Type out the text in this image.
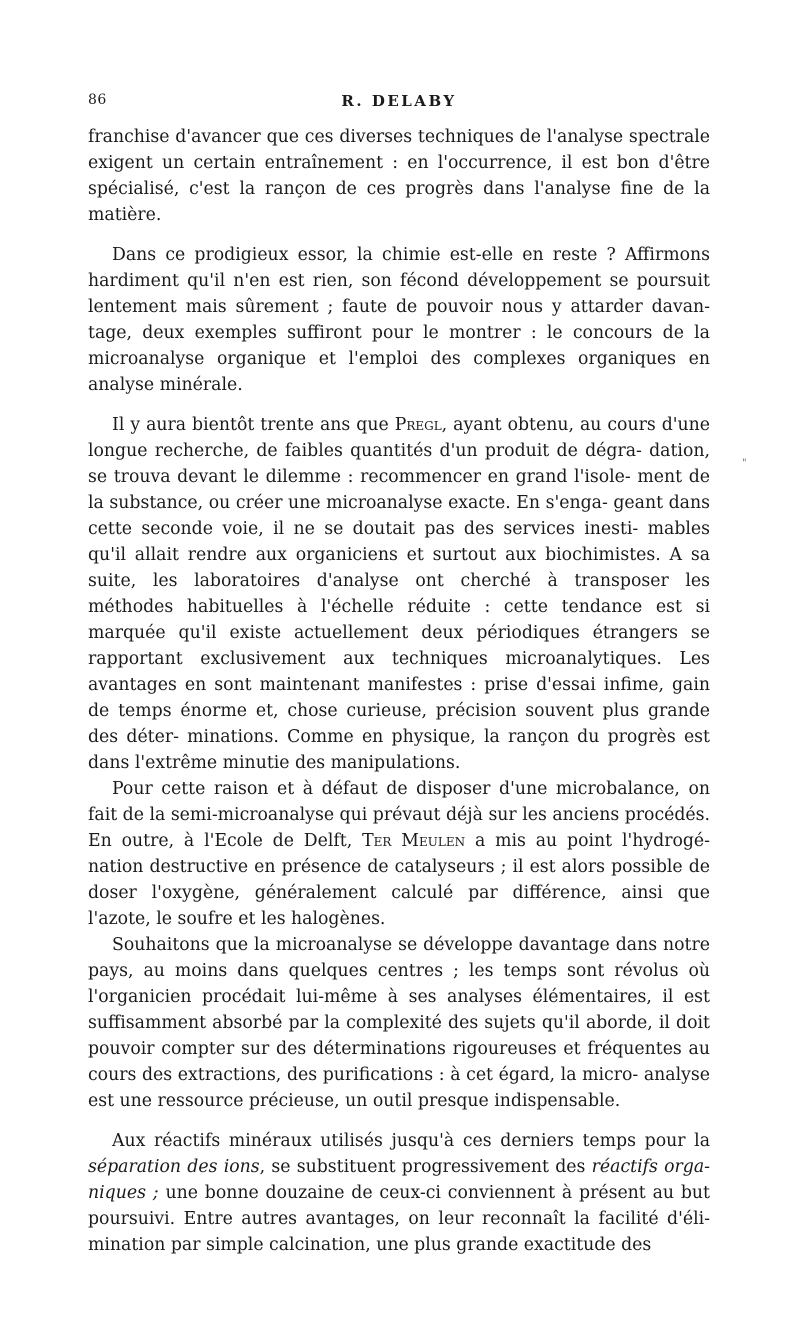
86	R. DELABY
"

franchise d'avancer que ces diverses techniques de l'analyse spectrale exigent un certain entraînement : en l'occurrence, il est bon d'être spécialisé, c'est la rançon de ces progrès dans l'analyse fine de la matière.

Dans ce prodigieux essor, la chimie est-elle en reste ? Affirmons hardiment qu'il n'en est rien, son fécond développement se poursuit lentement mais sûrement ; faute de pouvoir nous y attarder davan- tage, deux exemples suffiront pour le montrer : le concours de la microanalyse organique et l'emploi des complexes organiques en analyse minérale.

Il y aura bientôt trente ans que Pregl, ayant obtenu, au cours d'une longue recherche, de faibles quantités d'un produit de dégra- dation, se trouva devant le dilemme : recommencer en grand l'isole- ment de la substance, ou créer une microanalyse exacte. En s'enga- geant dans cette seconde voie, il ne se doutait pas des services inesti- mables qu'il allait rendre aux organiciens et surtout aux biochimistes. A sa suite, les laboratoires d'analyse ont cherché à transposer les méthodes habituelles à l'échelle réduite : cette tendance est si marquée qu'il existe actuellement deux périodiques étrangers se rapportant exclusivement aux techniques microanalytiques. Les avantages en sont maintenant manifestes : prise d'essai infime, gain de temps énorme et, chose curieuse, précision souvent plus grande des déter- minations. Comme en physique, la rançon du progrès est dans l'extrême minutie des manipulations.

Pour cette raison et à défaut de disposer d'une microbalance, on fait de la semi-microanalyse qui prévaut déjà sur les anciens procédés. En outre, à l'Ecole de Delft, Ter Meulen a mis au point l'hydrogé- nation destructive en présence de catalyseurs ; il est alors possible de doser l'oxygène, généralement calculé par différence, ainsi que l'azote, le soufre et les halogènes.

Souhaitons que la microanalyse se développe davantage dans notre pays, au moins dans quelques centres ; les temps sont révolus où l'organicien procédait lui-même à ses analyses élémentaires, il est suffisamment absorbé par la complexité des sujets qu'il aborde, il doit pouvoir compter sur des déterminations rigoureuses et fréquentes au cours des extractions, des purifications : à cet égard, la micro- analyse est une ressource précieuse, un outil presque indispensable.

Aux réactifs minéraux utilisés jusqu'à ces derniers temps pour la séparation des ions, se substituent progressivement des réactifs orga- niques ; une bonne douzaine de ceux-ci conviennent à présent au but poursuivi. Entre autres avantages, on leur reconnaît la facilité d'éli- mination par simple calcination, une plus grande exactitude des
